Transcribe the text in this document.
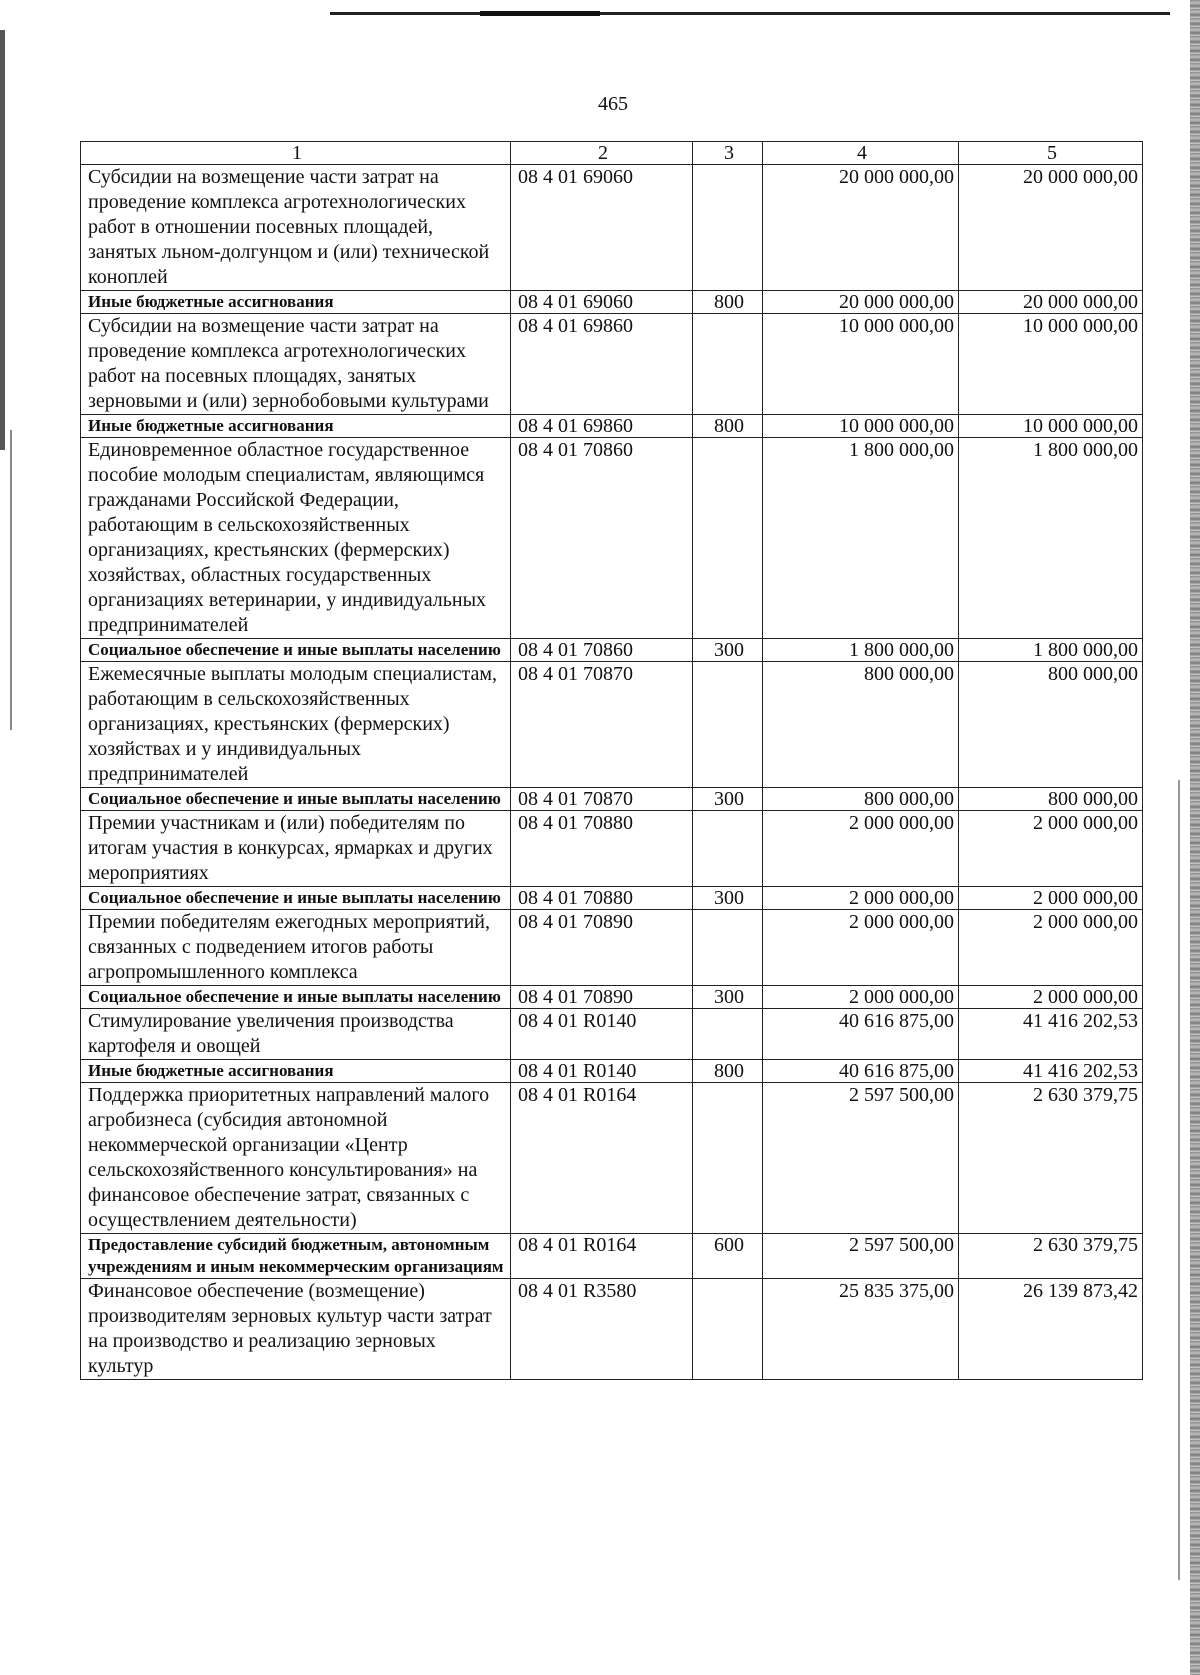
465
1	2	3	4	5
Субсидии на возмещение части затрат на проведение комплекса агротехнологических работ в отношении посевных площадей, занятых льном-долгунцом и (или) технической коноплей	08 4 01 69060		20 000 000,00	20 000 000,00
Иные бюджетные ассигнования	08 4 01 69060	800	20 000 000,00	20 000 000,00
Субсидии на возмещение части затрат на проведение комплекса агротехнологических работ на посевных площадях, занятых зерновыми и (или) зернобобовыми культурами	08 4 01 69860		10 000 000,00	10 000 000,00
Иные бюджетные ассигнования	08 4 01 69860	800	10 000 000,00	10 000 000,00
Единовременное областное государственное пособие молодым специалистам, являющимся гражданами Российской Федерации, работающим в сельскохозяйственных организациях, крестьянских (фермерских) хозяйствах, областных государственных организациях ветеринарии, у индивидуальных предпринимателей	08 4 01 70860		1 800 000,00	1 800 000,00
Социальное обеспечение и иные выплаты населению	08 4 01 70860	300	1 800 000,00	1 800 000,00
Ежемесячные выплаты молодым специалистам, работающим в сельскохозяйственных организациях, крестьянских (фермерских) хозяйствах и у индивидуальных предпринимателей	08 4 01 70870		800 000,00	800 000,00
Социальное обеспечение и иные выплаты населению	08 4 01 70870	300	800 000,00	800 000,00
Премии участникам и (или) победителям по итогам участия в конкурсах, ярмарках и других мероприятиях	08 4 01 70880		2 000 000,00	2 000 000,00
Социальное обеспечение и иные выплаты населению	08 4 01 70880	300	2 000 000,00	2 000 000,00
Премии победителям ежегодных мероприятий, связанных с подведением итогов работы агропромышленного комплекса	08 4 01 70890		2 000 000,00	2 000 000,00
Социальное обеспечение и иные выплаты населению	08 4 01 70890	300	2 000 000,00	2 000 000,00
Стимулирование увеличения производства картофеля и овощей	08 4 01 R0140		40 616 875,00	41 416 202,53
Иные бюджетные ассигнования	08 4 01 R0140	800	40 616 875,00	41 416 202,53
Поддержка приоритетных направлений малого агробизнеса (субсидия автономной некоммерческой организации «Центр сельскохозяйственного консультирования» на финансовое обеспечение затрат, связанных с осуществлением деятельности)	08 4 01 R0164		2 597 500,00	2 630 379,75
Предоставление субсидий бюджетным, автономным учреждениям и иным некоммерческим организациям	08 4 01 R0164	600	2 597 500,00	2 630 379,75
Финансовое обеспечение (возмещение) производителям зерновых культур части затрат на производство и реализацию зерновых культур	08 4 01 R3580		25 835 375,00	26 139 873,42
